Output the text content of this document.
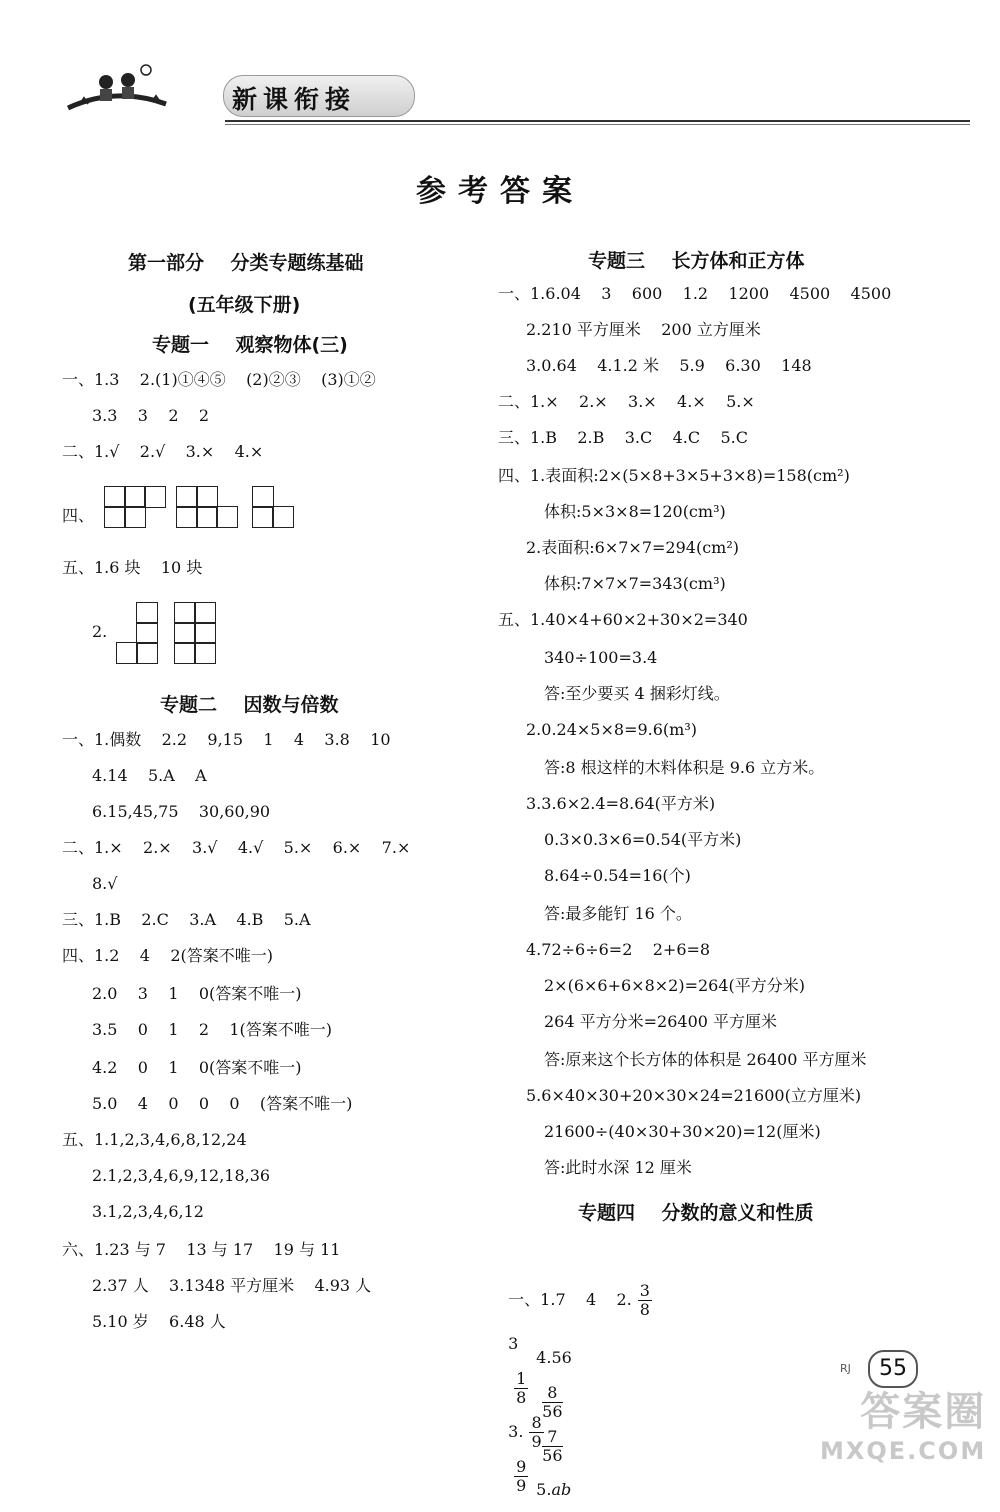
新课衔接
参考答案
第一部分    分类专题练基础
(五年级下册)
专题一    观察物体(三)
一、1.3    2.(1)①④⑤    (2)②③    (3)①②
3.3    3    2    2
二、1.√    2.√    3.×    4.×
四、
五、1.6 块    10 块
2.
专题二    因数与倍数
一、1.偶数    2.2    9,15    1    4    3.8    10
4.14    5.A    A
6.15,45,75    30,60,90
二、1.×    2.×    3.√    4.√    5.×    6.×    7.×
8.√
三、1.B    2.C    3.A    4.B    5.A
四、1.2    4    2(答案不唯一)
2.0    3    1    0(答案不唯一)
3.5    0    1    2    1(答案不唯一)
4.2    0    1    0(答案不唯一)
5.0    4    0    0    0    (答案不唯一)
五、1.1,2,3,4,6,8,12,24
2.1,2,3,4,6,9,12,18,36
3.1,2,3,4,6,12
六、1.23 与 7    13 与 17    19 与 11
2.37 人    3.1348 平方厘米    4.93 人
5.10 岁    6.48 人
专题三    长方体和正方体
一、1.6.04    3    600    1.2    1200    4500    4500
2.210 平方厘米    200 立方厘米
3.0.64    4.1.2 米    5.9    6.30    148
二、1.×    2.×    3.×    4.×    5.×
三、1.B    2.B    3.C    4.C    5.C
四、1.表面积:2×(5×8+3×5+3×8)=158(cm²)
体积:5×3×8=120(cm³)
2.表面积:6×7×7=294(cm²)
体积:7×7×7=343(cm³)
五、1.40×4+60×2+30×2=340
340÷100=3.4
答:至少要买 4 捆彩灯线。
2.0.24×5×8=9.6(m³)
答:8 根这样的木料体积是 9.6 立方米。
3.3.6×2.4=8.64(平方米)
0.3×0.3×6=0.54(平方米)
8.64÷0.54=16(个)
答:最多能钉 16 个。
4.72÷6÷6=2    2+6=8
2×(6×6+6×8×2)=264(平方分米)
264 平方分米=26400 平方厘米
答:原来这个长方体的体积是 26400 平方厘米
5.6×40×30+20×30×24=21600(立方厘米)
21600÷(40×30+30×20)=12(厘米)
答:此时水深 12 厘米
专题四    分数的意义和性质

一、1.7    4    2. $\frac{3}{8}$

3

$\frac{1}{8}$

3. $\frac{8}{9}$

$\frac{9}{9}$

4.56

$\frac{8}{56}$

$\frac{7}{56}$

5.ab

RJ	55
答案圈
MXQE.COM
